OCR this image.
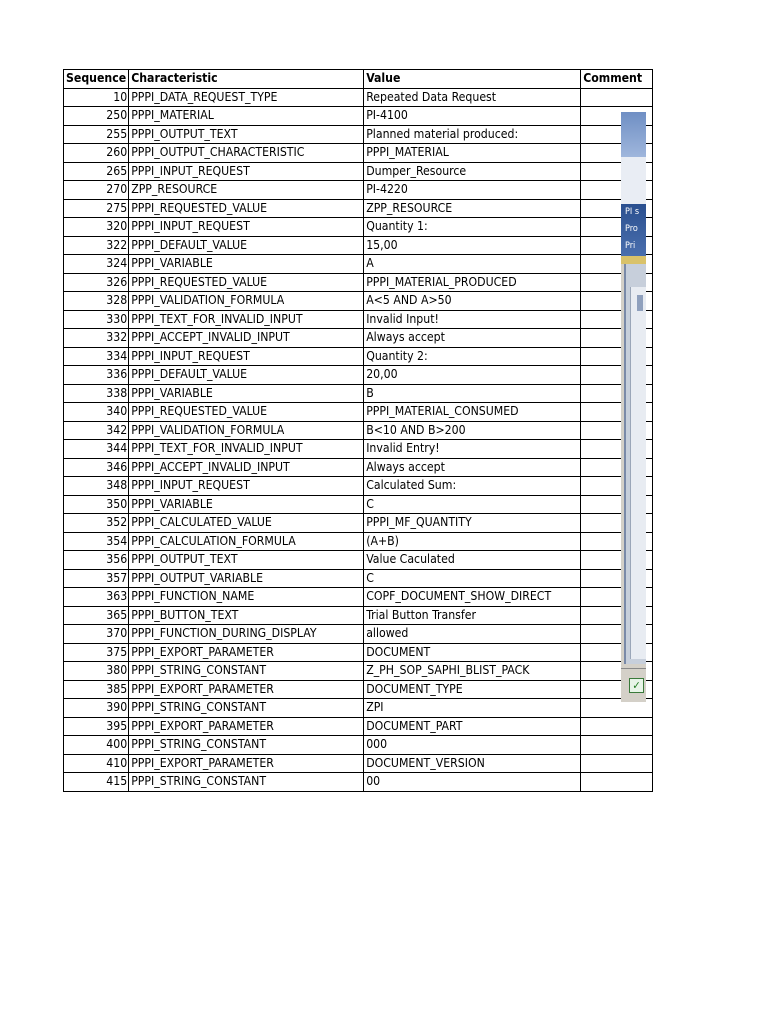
Sequence	Characteristic	Value	Comment
10	PPPI_DATA_REQUEST_TYPE	Repeated Data Request	
250	PPPI_MATERIAL	PI-4100	
255	PPPI_OUTPUT_TEXT	Planned material produced:	
260	PPPI_OUTPUT_CHARACTERISTIC	PPPI_MATERIAL	
265	PPPI_INPUT_REQUEST	Dumper_Resource	
270	ZPP_RESOURCE	PI-4220	
275	PPPI_REQUESTED_VALUE	ZPP_RESOURCE	
320	PPPI_INPUT_REQUEST	Quantity 1:	
322	PPPI_DEFAULT_VALUE	15,00	
324	PPPI_VARIABLE	A	
326	PPPI_REQUESTED_VALUE	PPPI_MATERIAL_PRODUCED	
328	PPPI_VALIDATION_FORMULA	A<5 AND A>50	
330	PPPI_TEXT_FOR_INVALID_INPUT	Invalid Input!	
332	PPPI_ACCEPT_INVALID_INPUT	Always accept	
334	PPPI_INPUT_REQUEST	Quantity 2:	
336	PPPI_DEFAULT_VALUE	20,00	
338	PPPI_VARIABLE	B	
340	PPPI_REQUESTED_VALUE	PPPI_MATERIAL_CONSUMED	
342	PPPI_VALIDATION_FORMULA	B<10 AND B>200	
344	PPPI_TEXT_FOR_INVALID_INPUT	Invalid Entry!	
346	PPPI_ACCEPT_INVALID_INPUT	Always accept	
348	PPPI_INPUT_REQUEST	Calculated Sum:	
350	PPPI_VARIABLE	C	
352	PPPI_CALCULATED_VALUE	PPPI_MF_QUANTITY	
354	PPPI_CALCULATION_FORMULA	(A+B)	
356	PPPI_OUTPUT_TEXT	Value Caculated	
357	PPPI_OUTPUT_VARIABLE	C	
363	PPPI_FUNCTION_NAME	COPF_DOCUMENT_SHOW_DIRECT	
365	PPPI_BUTTON_TEXT	Trial Button Transfer	
370	PPPI_FUNCTION_DURING_DISPLAY	allowed	
375	PPPI_EXPORT_PARAMETER	DOCUMENT	
380	PPPI_STRING_CONSTANT	Z_PH_SOP_SAPHI_BLIST_PACK	
385	PPPI_EXPORT_PARAMETER	DOCUMENT_TYPE	
390	PPPI_STRING_CONSTANT	ZPI	
395	PPPI_EXPORT_PARAMETER	DOCUMENT_PART	
400	PPPI_STRING_CONSTANT	000	
410	PPPI_EXPORT_PARAMETER	DOCUMENT_VERSION	
415	PPPI_STRING_CONSTANT	00	
PI s
Pro
Pri
✓
